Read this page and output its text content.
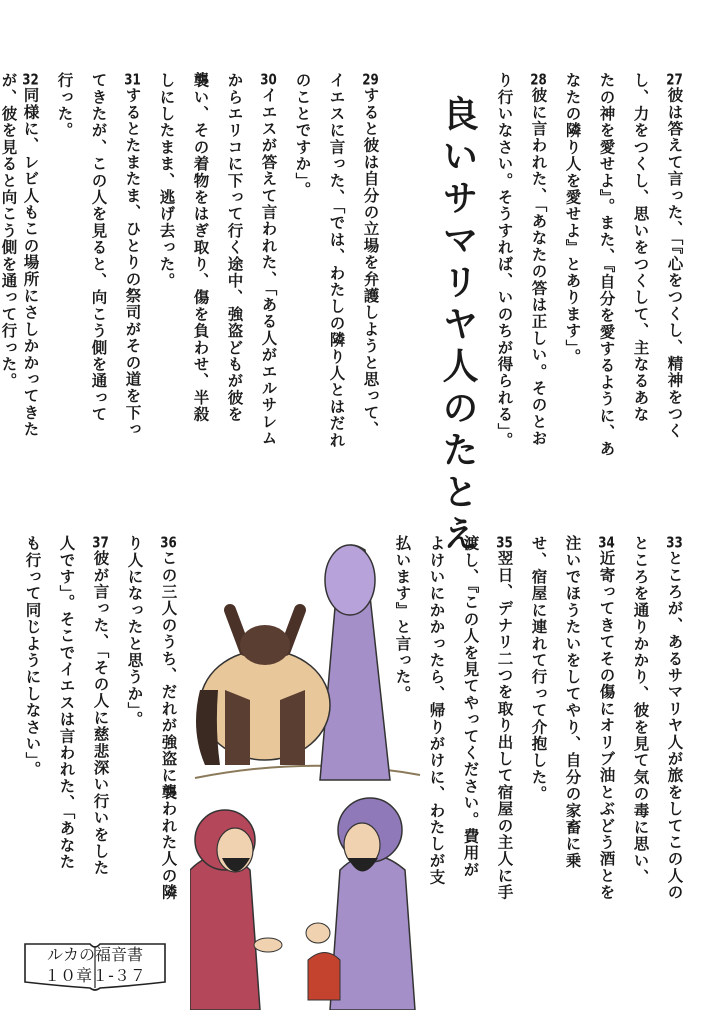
良いサマリヤ人のたとえ
27彼は答えて言った、「『心をつくし、精神をつく
し、力をつくし、思いをつくして、主なるあな
たの神を愛せよ』。また、『自分を愛するように、あ
なたの隣り人を愛せよ』とあります」。
28彼に言われた、「あなたの答は正しい。そのとお
り行いなさい。そうすれば、いのちが得られる」。
29すると彼は自分の立場を弁護しようと思って、
イエスに言った、「では、わたしの隣り人とはだれ
のことですか」。
30イエスが答えて言われた、「ある人がエルサレム
からエリコに下って行く途中、強盗どもが彼を
襲い、その着物をはぎ取り、傷を負わせ、半殺
しにしたまま、逃げ去った。
31するとたまたま、ひとりの祭司がその道を下っ
てきたが、この人を見ると、向こう側を通って
行った。
32同様に、レビ人もこの場所にさしかかってきた
が、彼を見ると向こう側を通って行った。
33ところが、あるサマリヤ人が旅をしてこの人の
ところを通りかかり、彼を見て気の毒に思い、
34近寄ってきてその傷にオリブ油とぶどう酒とを
注いでほうたいをしてやり、自分の家畜に乗
せ、宿屋に連れて行って介抱した。
35翌日、デナリ二つを取り出して宿屋の主人に手
渡し、『この人を見てやってください。費用が
よけいにかかったら、帰りがけに、わたしが支
払います』と言った。
36この三人のうち、だれが強盗に襲われた人の隣
り人になったと思うか」。
37彼が言った、「その人に慈悲深い行いをした
人です」。そこでイエスは言われた、「あなた
も行って同じようにしなさい」。
ルカの福音書
１０章１-３７
